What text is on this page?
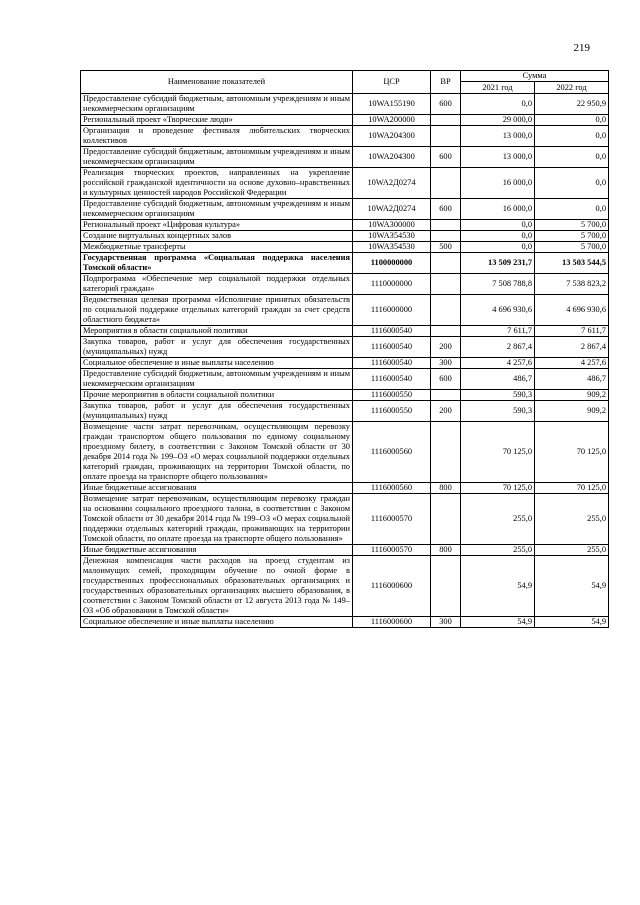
219
Наименование показателей	ЦСР	ВР	Сумма	
			2021 год	2022 год
Предоставление субсидий бюджетным, автономным учреждениям и иным некоммерческим организациям	10WA155190	600	0,0	22 950,9
Региональный проект «Творческие люди»	10WA200000		29 000,0	0,0
Организация и проведение фестиваля любительских творческих коллективов	10WA204300		13 000,0	0,0
Предоставление субсидий бюджетным, автономным учреждениям и иным некоммерческим организациям	10WA204300	600	13 000,0	0,0
Реализация творческих проектов, направленных на укрепление российской гражданской идентичности на основе духовно–нравственных и культурных ценностей народов Российской Федерации	10WA2Д0274		16 000,0	0,0
Предоставление субсидий бюджетным, автономным учреждениям и иным некоммерческим организациям	10WA2Д0274	600	16 000,0	0,0
Региональный проект «Цифровая культура»	10WA300000		0,0	5 700,0
Создание виртуальных концертных залов	10WA354530		0,0	5 700,0
Межбюджетные трансферты	10WA354530	500	0,0	5 700,0
Государственная программа «Социальная поддержка населения Томской области»	1100000000		13 509 231,7	13 503 544,5
Подпрограмма «Обеспечение мер социальной поддержки отдельных категорий граждан»	1110000000		7 508 788,8	7 538 823,2
Ведомственная целевая программа «Исполнение принятых обязательств по социальной поддержке отдельных категорий граждан за счет средств областного бюджета»	1116000000		4 696 930,6	4 696 930,6
Мероприятия в области социальной политики	1116000540		7 611,7	7 611,7
Закупка товаров, работ и услуг для обеспечения государственных (муниципальных) нужд	1116000540	200	2 867,4	2 867,4
Социальное обеспечение и иные выплаты населению	1116000540	300	4 257,6	4 257,6
Предоставление субсидий бюджетным, автономным учреждениям и иным некоммерческим организациям	1116000540	600	486,7	486,7
Прочие мероприятия в области социальной политики	1116000550		590,3	909,2
Закупка товаров, работ и услуг для обеспечения государственных (муниципальных) нужд	1116000550	200	590,3	909,2
Возмещение части затрат перевозчикам, осуществляющим перевозку граждан транспортом общего пользования по единому социальному проездному билету, в соответствии с Законом Томской области от 30 декабря 2014 года № 199–ОЗ «О мерах социальной поддержки отдельных категорий граждан, проживающих на территории Томской области, по оплате проезда на транспорте общего пользования»	1116000560		70 125,0	70 125,0
Иные бюджетные ассигнования	1116000560	800	70 125,0	70 125,0
Возмещение затрат перевозчикам, осуществляющим перевозку граждан на основании социального проездного талона, в соответствии с Законом Томской области от 30 декабря 2014 года № 199–ОЗ «О мерах социальной поддержки отдельных категорий граждан, проживающих на территории Томской области, по оплате проезда на транспорте общего пользования»	1116000570		255,0	255,0
Иные бюджетные ассигнования	1116000570	800	255,0	255,0
Денежная компенсация части расходов на проезд студентам из малоимущих семей, проходящим обучение по очной форме в государственных профессиональных образовательных организациях и государственных образовательных организациях высшего образования, в соответствии с Законом Томской области от 12 августа 2013 года № 149–ОЗ «Об образовании в Томской области»	1116000600		54,9	54,9
Социальное обеспечение и иные выплаты населению	1116000600	300	54,9	54,9
